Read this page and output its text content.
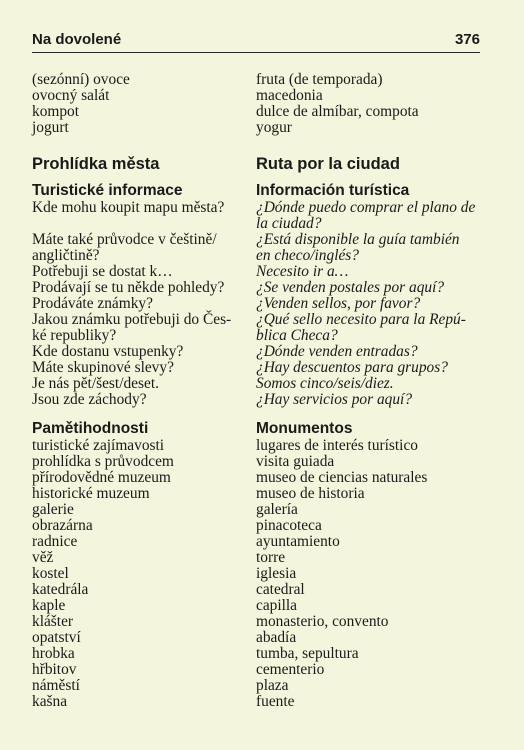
Na dovolené	376
(sezónní) ovoce
ovocný salát
kompot
jogurt
Prohlídka města
Turistické informace
Kde mohu koupit mapu města?
Máte také průvodce v češtině/
angličtině?
Potřebuji se dostat k…
Prodávají se tu někde pohledy?
Prodáváte známky?
Jakou známku potřebuji do Čes-
ké republiky?
Kde dostanu vstupenky?
Máte skupinové slevy?
Je nás pět/šest/deset.
Jsou zde záchody?
Pamětihodnosti
turistické zajímavosti
prohlídka s průvodcem
přírodovědné muzeum
historické muzeum
galerie
obrazárna
radnice
věž
kostel
katedrála
kaple
klášter
opatství
hrobka
hřbitov
náměstí
kašna
fruta (de temporada)
macedonia
dulce de almíbar, compota
yogur
Ruta por la ciudad
Información turística
¿Dónde puedo comprar el plano de
la ciudad?
¿Está disponible la guía también
en checo/inglés?
Necesito ir a…
¿Se venden postales por aquí?
¿Venden sellos, por favor?
¿Qué sello necesito para la Repú-
blica Checa?
¿Dónde venden entradas?
¿Hay descuentos para grupos?
Somos cinco/seis/diez.
¿Hay servicios por aquí?
Monumentos
lugares de interés turístico
visita guiada
museo de ciencias naturales
museo de historia
galería
pinacoteca
ayuntamiento
torre
iglesia
catedral
capilla
monasterio, convento
abadía
tumba, sepultura
cementerio
plaza
fuente
